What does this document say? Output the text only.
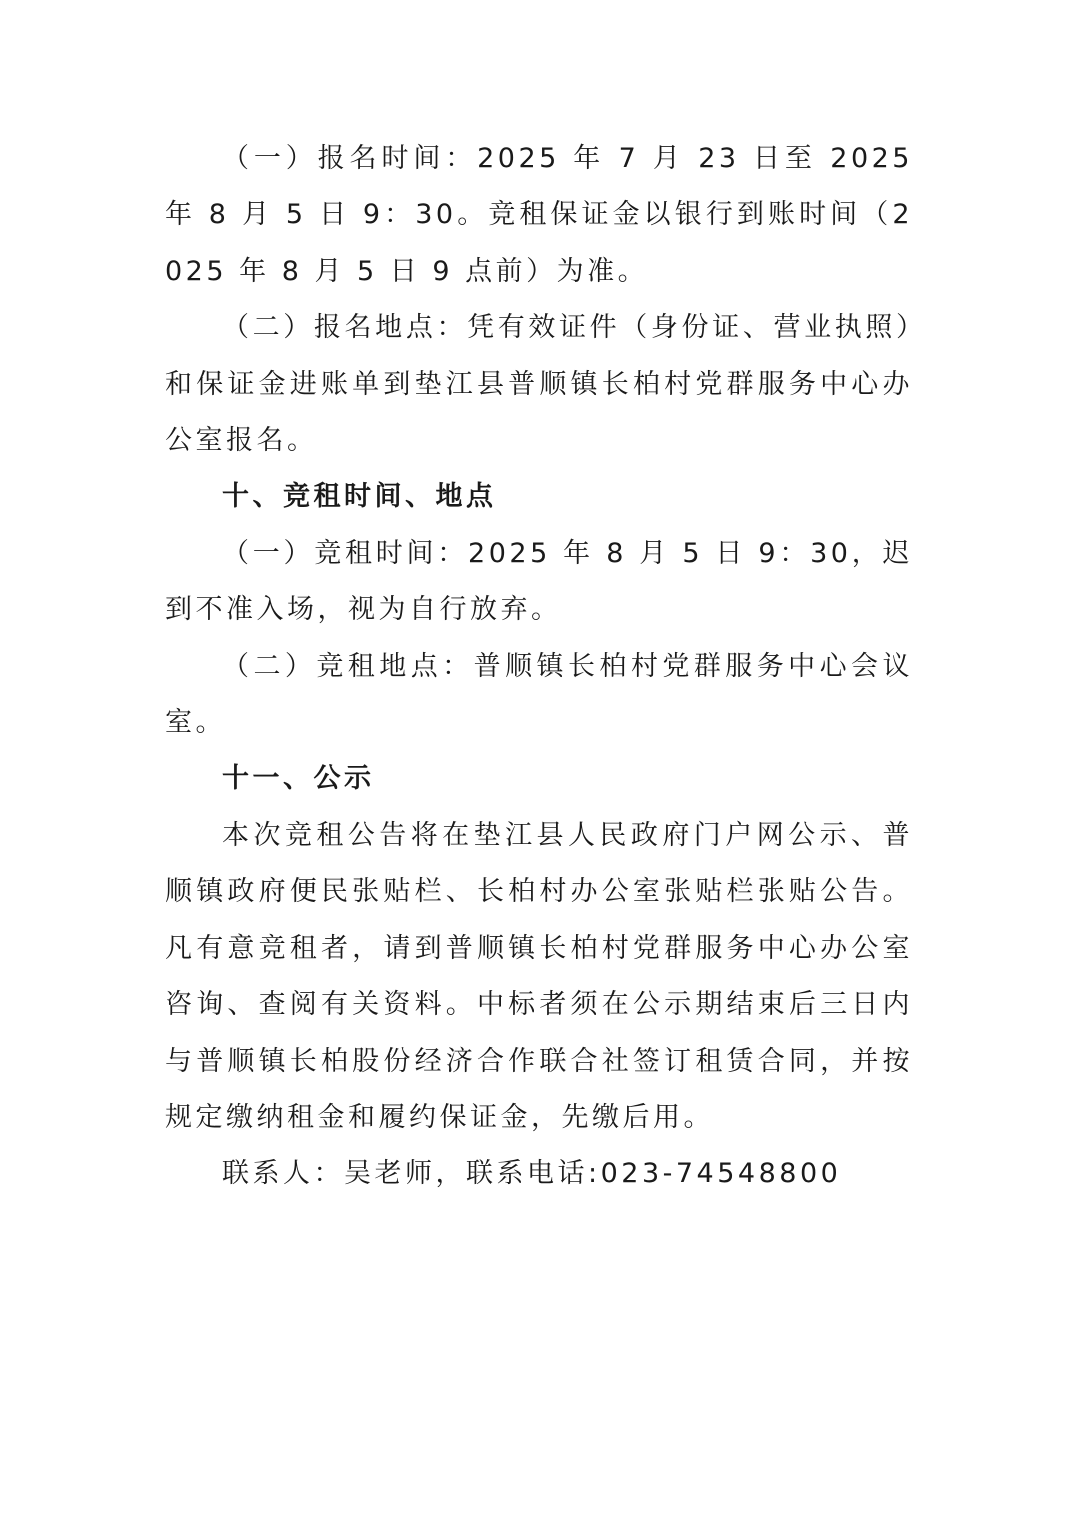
（一）报名时间：2025 年 7 月 23 日至 2025 年 8 月 5 日 9：30。竞租保证金以银行到账时间（2025 年 8 月 5 日 9 点前）为准。

（二）报名地点：凭有效证件（身份证、营业执照）和保证金进账单到垫江县普顺镇长柏村党群服务中心办公室报名。

十、竞租时间、地点

（一）竞租时间：2025 年 8 月 5 日 9：30，迟到不准入场，视为自行放弃。

（二）竞租地点：普顺镇长柏村党群服务中心会议室。

十一、公示

本次竞租公告将在垫江县人民政府门户网公示、普顺镇政府便民张贴栏、长柏村办公室张贴栏张贴公告。凡有意竞租者，请到普顺镇长柏村党群服务中心办公室咨询、查阅有关资料。中标者须在公示期结束后三日内与普顺镇长柏股份经济合作联合社签订租赁合同，并按规定缴纳租金和履约保证金，先缴后用。

联系人：吴老师，联系电话:023-74548800
